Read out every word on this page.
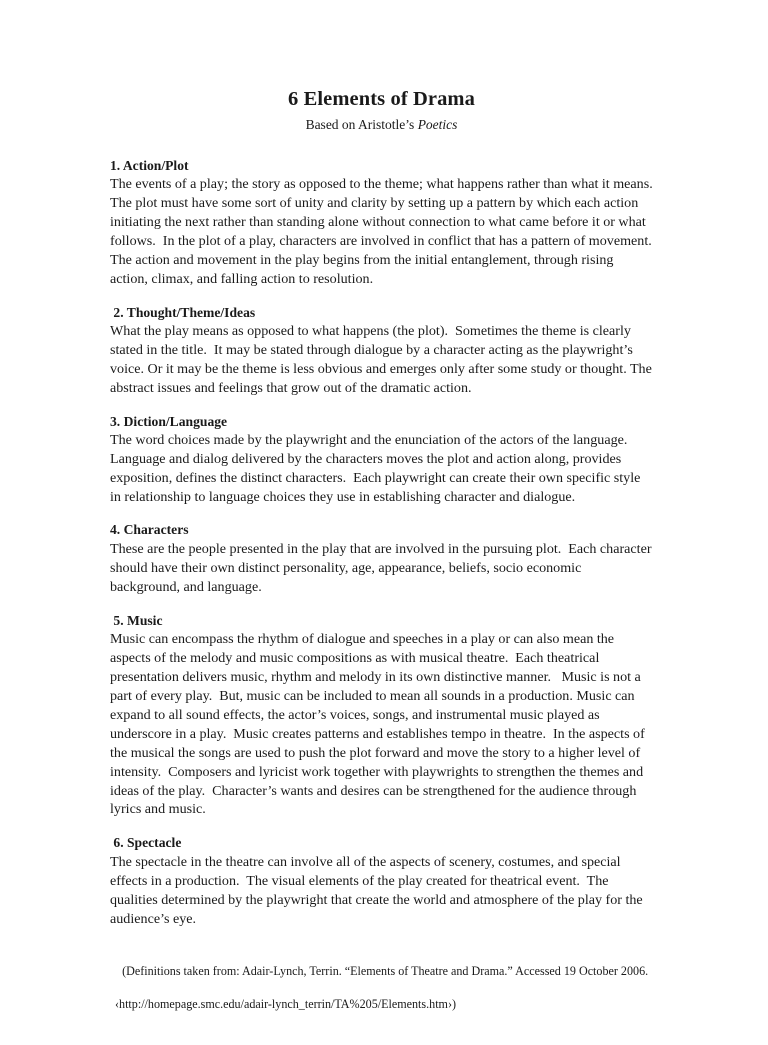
6 Elements of Drama

Based on Aristotle’s Poetics

1. Action/Plot

The events of a play; the story as opposed to the theme; what happens rather than what it means. The plot must have some sort of unity and clarity by setting up a pattern by which each action initiating the next rather than standing alone without connection to what came before it or what follows.  In the plot of a play, characters are involved in conflict that has a pattern of movement. The action and movement in the play begins from the initial entanglement, through rising action, climax, and falling action to resolution.

2. Thought/Theme/Ideas

What the play means as opposed to what happens (the plot).  Sometimes the theme is clearly stated in the title.  It may be stated through dialogue by a character acting as the playwright’s voice. Or it may be the theme is less obvious and emerges only after some study or thought. The abstract issues and feelings that grow out of the dramatic action.

3. Diction/Language

The word choices made by the playwright and the enunciation of the actors of the language. Language and dialog delivered by the characters moves the plot and action along, provides exposition, defines the distinct characters.  Each playwright can create their own specific style in relationship to language choices they use in establishing character and dialogue.

4. Characters

These are the people presented in the play that are involved in the pursuing plot.  Each character should have their own distinct personality, age, appearance, beliefs, socio economic background, and language.

5. Music

Music can encompass the rhythm of dialogue and speeches in a play or can also mean the aspects of the melody and music compositions as with musical theatre.  Each theatrical presentation delivers music, rhythm and melody in its own distinctive manner.   Music is not a part of every play.  But, music can be included to mean all sounds in a production. Music can expand to all sound effects, the actor’s voices, songs, and instrumental music played as underscore in a play.  Music creates patterns and establishes tempo in theatre.  In the aspects of the musical the songs are used to push the plot forward and move the story to a higher level of intensity.  Composers and lyricist work together with playwrights to strengthen the themes and ideas of the play.  Character’s wants and desires can be strengthened for the audience through lyrics and music.

6. Spectacle

The spectacle in the theatre can involve all of the aspects of scenery, costumes, and special effects in a production.  The visual elements of the play created for theatrical event.  The qualities determined by the playwright that create the world and atmosphere of the play for the audience’s eye.

(Definitions taken from: Adair-Lynch, Terrin. “Elements of Theatre and Drama.” Accessed 19 October 2006.

‹http://homepage.smc.edu/adair-lynch_terrin/TA%205/Elements.htm›)
